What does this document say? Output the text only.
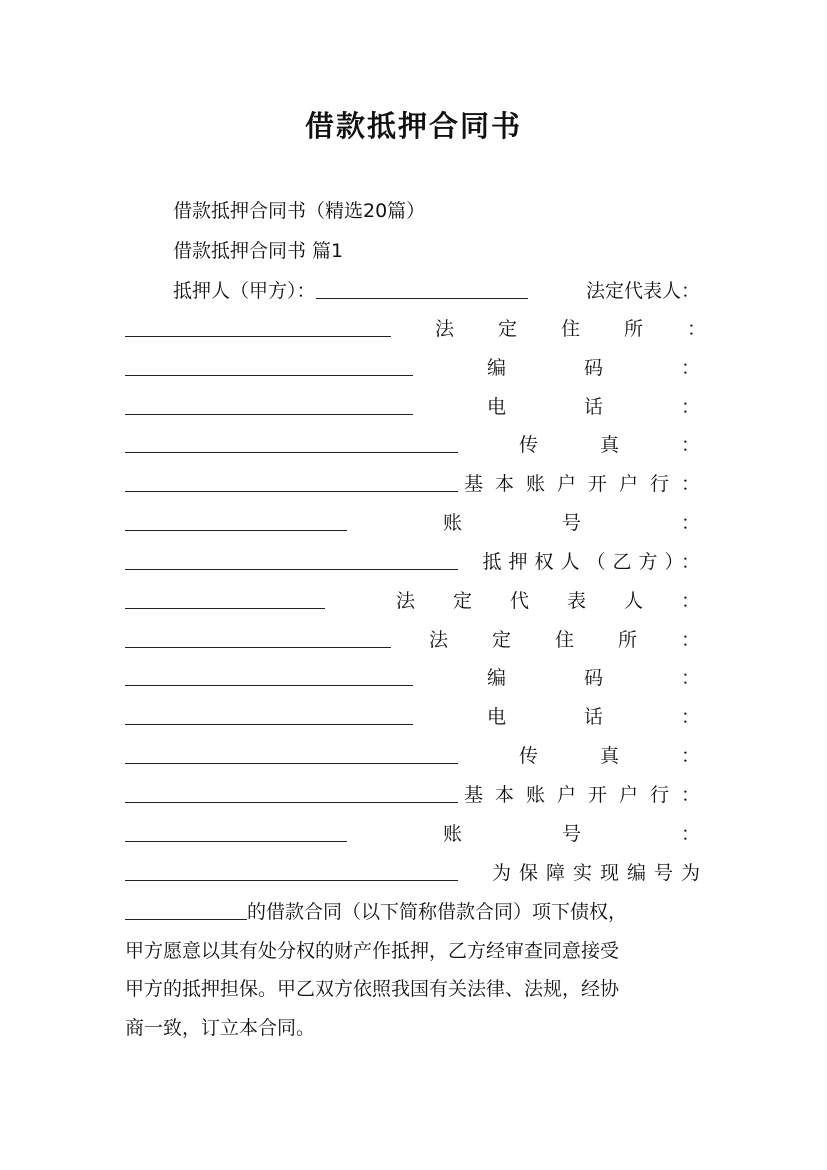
借款抵押合同书
借款抵押合同书（精选20篇）
借款抵押合同书 篇1
抵押人（甲方）：	法定代表人：
法定住所：
编码：
电话：
传真：
基本账户开户行：
账号：
抵押权人（乙方）：
法定代表人：
法定住所：
编码：
电话：
传真：
基本账户开户行：
账号：
为保障实现编号为
的借款合同（以下简称借款合同）项下债权，
甲方愿意以其有处分权的财产作抵押，乙方经审查同意接受
甲方的抵押担保。甲乙双方依照我国有关法律、法规，经协
商一致，订立本合同。
